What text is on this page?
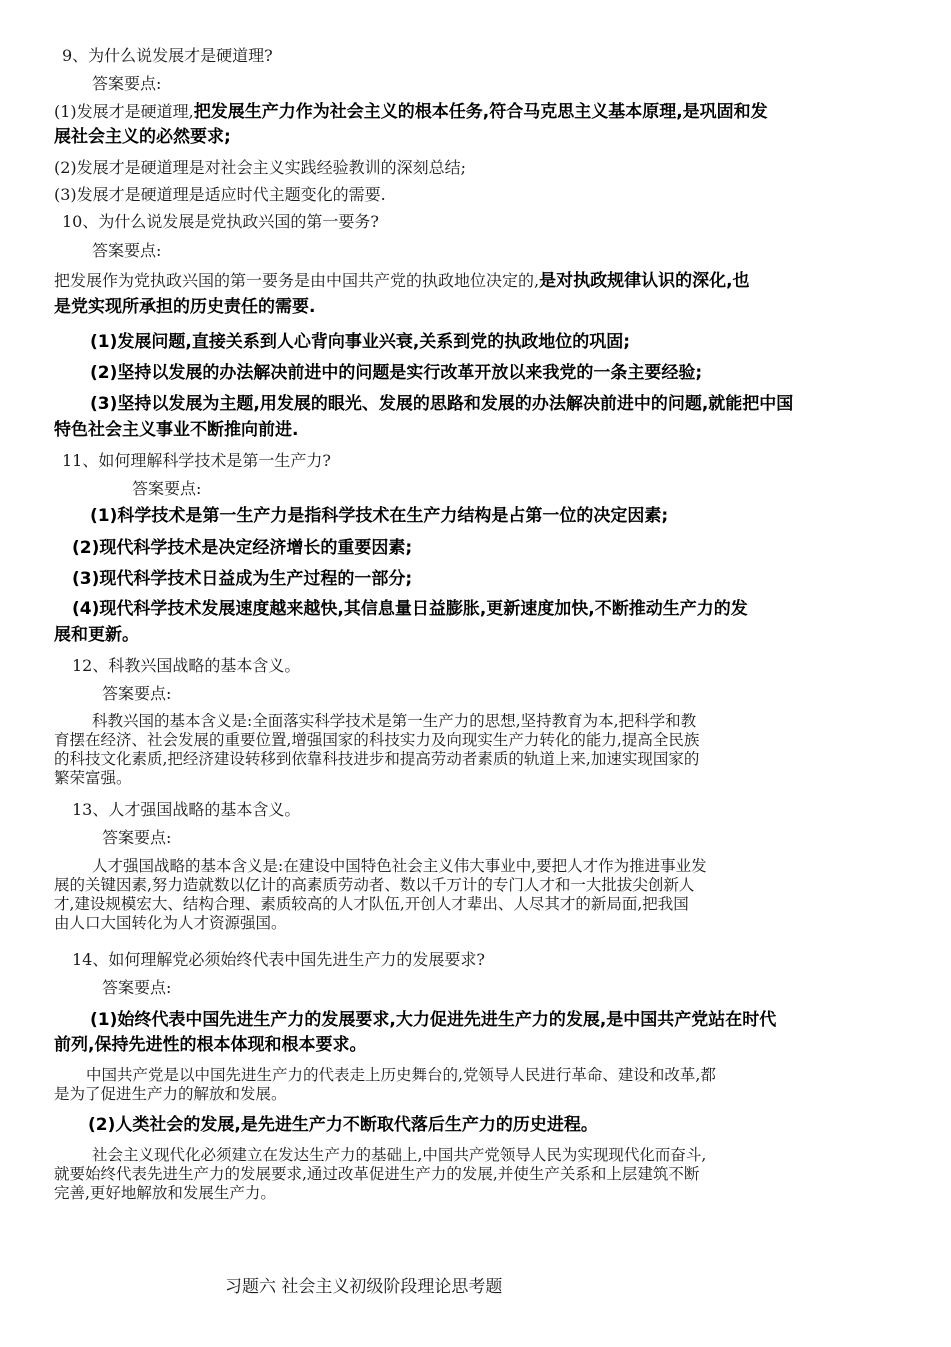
9、为什么说发展才是硬道理?
答案要点:
(1)发展才是硬道理,把发展生产力作为社会主义的根本任务,符合马克思主义基本原理,是巩固和发
展社会主义的必然要求;
(2)发展才是硬道理是对社会主义实践经验教训的深刻总结;
(3)发展才是硬道理是适应时代主题变化的需要.
10、为什么说发展是党执政兴国的第一要务?
答案要点:
把发展作为党执政兴国的第一要务是由中国共产党的执政地位决定的,是对执政规律认识的深化,也
是党实现所承担的历史责任的需要.
(1)发展问题,直接关系到人心背向事业兴衰,关系到党的执政地位的巩固;
(2)坚持以发展的办法解决前进中的问题是实行改革开放以来我党的一条主要经验;
(3)坚持以发展为主题,用发展的眼光、发展的思路和发展的办法解决前进中的问题,就能把中国
特色社会主义事业不断推向前进.
11、如何理解科学技术是第一生产力?
答案要点:
(1)科学技术是第一生产力是指科学技术在生产力结构是占第一位的决定因素;
(2)现代科学技术是决定经济增长的重要因素;
(3)现代科学技术日益成为生产过程的一部分;
(4)现代科学技术发展速度越来越快,其信息量日益膨胀,更新速度加快,不断推动生产力的发
展和更新。
12、科教兴国战略的基本含义。
答案要点:
科教兴国的基本含义是:全面落实科学技术是第一生产力的思想,坚持教育为本,把科学和教
育摆在经济、社会发展的重要位置,增强国家的科技实力及向现实生产力转化的能力,提高全民族
的科技文化素质,把经济建设转移到依靠科技进步和提高劳动者素质的轨道上来,加速实现国家的
繁荣富强。
13、人才强国战略的基本含义。
答案要点:
人才强国战略的基本含义是:在建设中国特色社会主义伟大事业中,要把人才作为推进事业发
展的关键因素,努力造就数以亿计的高素质劳动者、数以千万计的专门人才和一大批拔尖创新人
才,建设规模宏大、结构合理、素质较高的人才队伍,开创人才辈出、人尽其才的新局面,把我国
由人口大国转化为人才资源强国。
14、如何理解党必须始终代表中国先进生产力的发展要求?
答案要点:
(1)始终代表中国先进生产力的发展要求,大力促进先进生产力的发展,是中国共产党站在时代
前列,保持先进性的根本体现和根本要求。
中国共产党是以中国先进生产力的代表走上历史舞台的,党领导人民进行革命、建设和改革,都
是为了促进生产力的解放和发展。
(2)人类社会的发展,是先进生产力不断取代落后生产力的历史进程。
社会主义现代化必须建立在发达生产力的基础上,中国共产党领导人民为实现现代化而奋斗,
就要始终代表先进生产力的发展要求,通过改革促进生产力的发展,并使生产关系和上层建筑不断
完善,更好地解放和发展生产力。
习题六 社会主义初级阶段理论思考题
